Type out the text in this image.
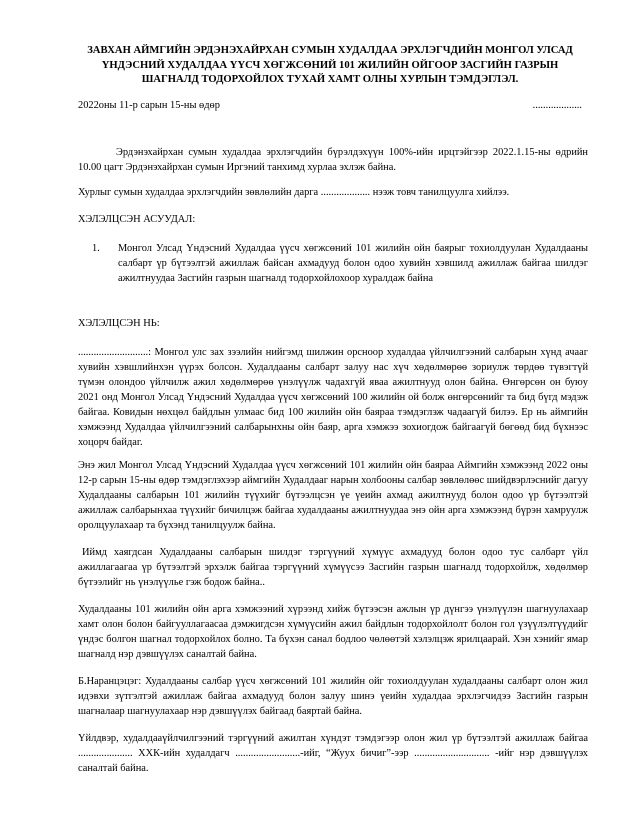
ЗАВХАН АЙМГИЙН ЭРДЭНЭХАЙРХАН СУМЫН ХУДАЛДАА ЭРХЛЭГЧДИЙН МОНГОЛ УЛСАД ҮНДЭСНИЙ ХУДАЛДАА ҮҮСЧ ХӨГЖСӨНИЙ 101 ЖИЛИЙН ОЙГООР ЗАСГИЙН ГАЗРЫН ШАГНАЛД ТОДОРХОЙЛОХ ТУХАЙ ХАМТ ОЛНЫ ХУРЛЫН ТЭМДЭГЛЭЛ.
2022оны 11-р сарын 15-ны өдөр	...................

Эрдэнэхайрхан сумын худалдаа эрхлэгчдийн бүрэлдэхүүн 100%-ийн ирцтэйгээр 2022.1.15-ны өдрийн 10.00 цагт Эрдэнэхайрхан сумын Иргэний танхимд хурлаа эхлэж байна.

Хурлыг сумын худалдаа эрхлэгчдийн зөвлөлийн дарга ................... нээж товч танилцуулга хийлээ.

ХЭЛЭЛЦСЭН АСУУДАЛ:

1.	Монгол Улсад Үндэсний Худалдаа үүсч хөгжсөний 101 жилийн ойн баярыг тохиолдуулан Худалдааны салбарт үр бүтээлтэй ажиллаж байсан ахмадууд болон одоо хувийн хэвшилд ажиллаж байгаа шилдэг ажилтнуудаа Засгийн газрын шагналд тодорхойлохоор хуралдаж байна

ХЭЛЭЛЦСЭН НЬ:

...........................: Монгол улс зах зээлийн нийгэмд шилжин орсноор худалдаа үйлчилгээний салбарын хүнд ачааг хувийн хэвшлийнхэн үүрэх болсон. Худалдааны салбарт залуу нас хүч хөдөлмөрөө зориулж төрдөө түвэгтүй түмэн олондоо үйлчилж ажил хөдөлмөрөө үнэлүүлж чадахгүй яваа ажилтнууд олон байна. Өнгөрсөн он буюу 2021 онд Монгол Улсад Үндэсний Худалдаа үүсч хөгжсөний 100 жилийн ой болж өнгөрсөнийг та бид бүгд мэдэж байгаа. Ковидын нөхцөл байдлын улмаас бид 100 жилийн ойн баяраа тэмдэглэж чадаагүй билээ. Ер нь аймгийн хэмжээнд Худалдаа үйлчилгээний салбарынхны ойн баяр, арга хэмжээ зохиогдож байгаагүй бөгөөд бид бүхнээс хоцорч байдаг.

Энэ жил Монгол Улсад Үндэсний Худалдаа үүсч хөгжсөний 101 жилийн ойн баяраа Аймгийн хэмжээнд 2022 оны 12-р сарын 15-ны өдөр тэмдэглэхээр аймгийн Худалдааг нарын холбооны салбар зөвлөлөөс шийдвэрлэснийг дагуу Худалдааны салбарын 101 жилийн түүхийг бүтээлцсэн үе үеийн ахмад ажилтнууд болон одоо үр бүтээлтэй ажиллаж салбарынхаа түүхийг бичилцэж байгаа худалдааны ажилтнуудаа энэ ойн арга хэмжээнд бүрэн хамруулж оролцуулахаар та бүхэнд танилцуулж байна.

Иймд хаягдсан Худалдааны салбарын шилдэг тэргүүний хүмүүс ахмадууд болон одоо тус салбарт үйл ажиллагаагаа үр бүтээлтэй эрхэлж байгаа тэргүүний хүмүүсээ Засгийн газрын шагналд тодорхойлж, хөдөлмөр бүтээлийг нь үнэлүүлье гэж бодож байна..

Худалдааны 101 жилийн ойн арга хэмжээний хүрээнд хийж бүтээсэн ажлын үр дүнгээ үнэлүүлэн шагнуулахаар хамт олон болон байгууллагаасаа дэмжигдсэн хүмүүсийн ажил байдлын тодорхойлолт болон гол үзүүлэлтүүдийг үндэс болгон шагнал тодорхойлох болно. Та бүхэн санал бодлоо чөлөөтэй хэлэлцэж ярилцаарай. Хэн хэнийг ямар шагналд нэр дэвшүүлэх саналтай байна.

Б.Наранцэцэг: Худалдааны салбар үүсч хөгжсөний 101 жилийн ойг тохиолдуулан худалдааны салбарт олон жил идэвхи зүтгэлтэй ажиллаж байгаа ахмадууд болон залуу шинэ үеийн худалдаа эрхлэгчидээ Засгийн газрын шагналаар шагнуулахаар нэр дэвшүүлэх байгаад баяртай байна.

Үйлдвэр, худалдааүйлчилгээний тэргүүний ажилтан хүндэт тэмдэгээр олон жил үр бүтээлтэй ажиллаж байгаа ..................... ХХК-ийн худалдагч .........................-ийг, “Жуух бичиг”-ээр ............................. -ийг нэр дэвшүүлэх саналтай байна.
